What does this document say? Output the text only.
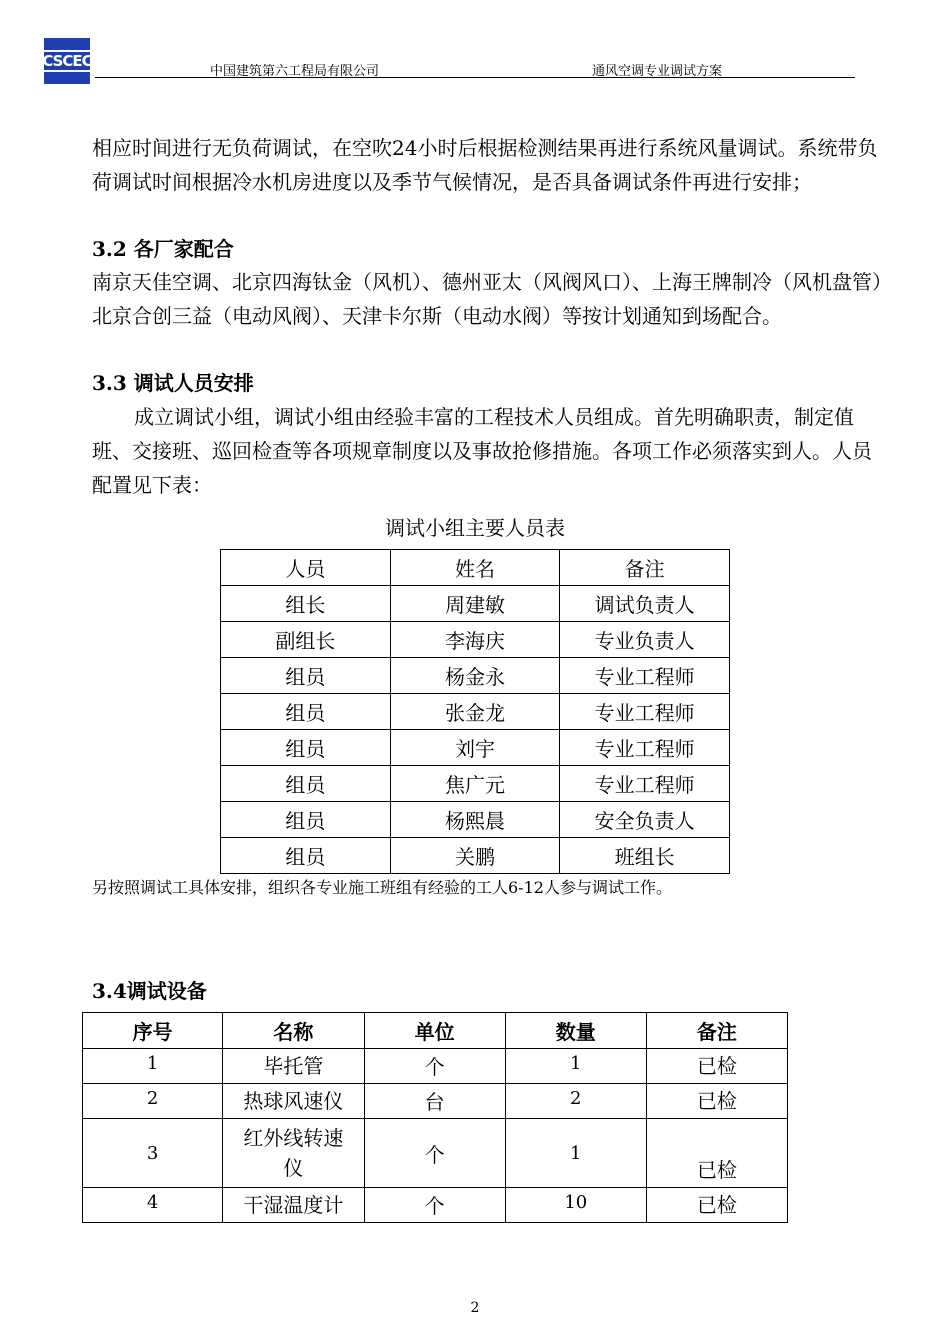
CSCEC
中国建筑第六工程局有限公司	通风空调专业调试方案
相应时间进行无负荷调试，在空吹24小时后根据检测结果再进行系统风量调试。系统带负荷调试时间根据冷水机房进度以及季节气候情况，是否具备调试条件再进行安排；
3.2 各厂家配合
南京天佳空调、北京四海钛金（风机）、德州亚太（风阀风口）、上海王牌制冷（风机盘管）北京合创三益（电动风阀）、天津卡尔斯（电动水阀）等按计划通知到场配合。
3.3 调试人员安排
成立调试小组，调试小组由经验丰富的工程技术人员组成。首先明确职责，制定值班、交接班、巡回检查等各项规章制度以及事故抢修措施。各项工作必须落实到人。人员配置见下表：
调试小组主要人员表
人员	姓名	备注
组长	周建敏	调试负责人
副组长	李海庆	专业负责人
组员	杨金永	专业工程师
组员	张金龙	专业工程师
组员	刘宇	专业工程师
组员	焦广元	专业工程师
组员	杨熙晨	安全负责人
组员	关鹏	班组长
另按照调试工具体安排，组织各专业施工班组有经验的工人6-12人参与调试工作。
3.4调试设备
序号	名称	单位	数量	备注
1	毕托管	个	1	已检
2	热球风速仪	台	2	已检
3	红外线转速仪	个	1	已检
4	干湿温度计	个	10	已检
2
